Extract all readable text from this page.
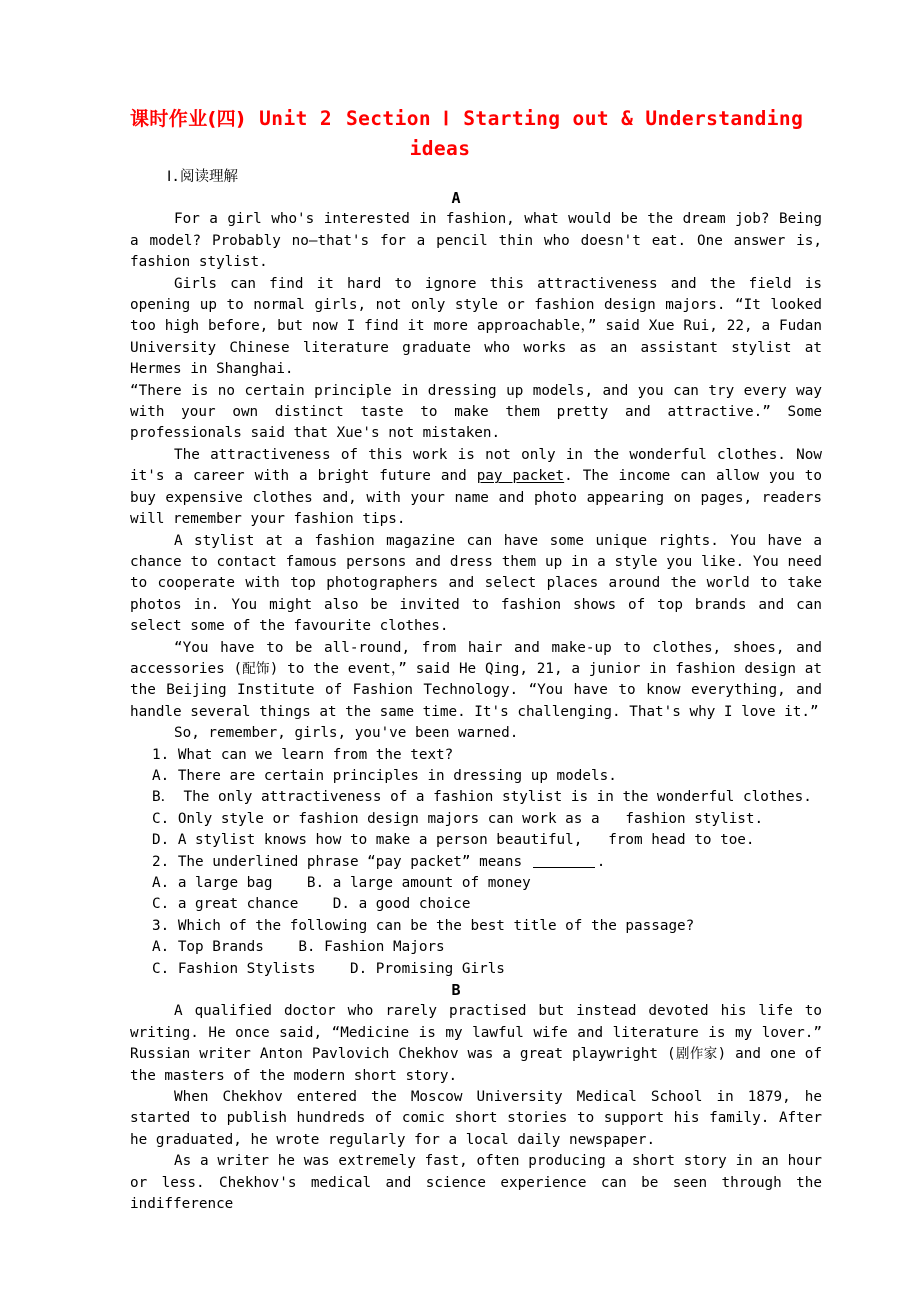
课时作业(四) Unit 2 Section Ⅰ Starting out & Understanding
ideas
Ⅰ.阅读理解

A

For a girl who's interested in fashion, what would be the dream job? Being a model? Probably no—that's for a pencil thin who doesn't eat. One answer is, fashion stylist.

Girls can find it hard to ignore this attractiveness and the field is opening up to normal girls, not only style or fashion design majors. “It looked too high before, but now I find it more approachable，” said Xue Rui, 22, a Fudan University Chinese literature graduate who works as an assistant stylist at Hermes in Shanghai.

“There is no certain principle in dressing up models, and you can try every way with your own distinct taste to make them pretty and attractive.” Some professionals said that Xue's not mistaken.

The attractiveness of this work is not only in the wonderful clothes. Now it's a career with a bright future and pay packet. The income can allow you to buy expensive clothes and, with your name and photo appearing on pages, readers will remember your fashion tips.

A stylist at a fashion magazine can have some unique rights. You have a chance to contact famous persons and dress them up in a style you like. You need to cooperate with top photographers and select places around the world to take photos in. You might also be invited to fashion shows of top brands and can select some of the favourite clothes.

“You have to be all-round, from hair and make-up to clothes, shoes, and accessories (配饰) to the event，” said He Qing, 21, a junior in fashion design at the Beijing Institute of Fashion Technology. “You have to know everything, and handle several things at the same time. It's challenging. That's why I love it.”

So, remember, girls, you've been warned.

1. What can we learn from the text?

A. There are certain principles in dressing up models.

B． The only attractiveness of a fashion stylist is in the wonderful clothes.

C. Only style or fashion design majors can work as a   fashion stylist.

D. A stylist knows how to make a person beautiful,   from head to toe.

2. The underlined phrase “pay packet” means	.

A. a large bag    B. a large amount of money

C. a great chance    D. a good choice

3. Which of the following can be the best title of the passage?

A. Top Brands    B. Fashion Majors

C. Fashion Stylists    D. Promising Girls

B

A qualified doctor who rarely practised but instead devoted his life to writing. He once said, “Medicine is my lawful wife and literature is my lover.” Russian writer Anton Pavlovich Chekhov was a great playwright (剧作家) and one of the masters of the modern short story.

When Chekhov entered the Moscow University Medical School in 1879, he started to publish hundreds of comic short stories to support his family. After he graduated, he wrote regularly for a local daily newspaper.

As a writer he was extremely fast, often producing a short story in an hour or less. Chekhov's medical and science experience can be seen through the indifference
